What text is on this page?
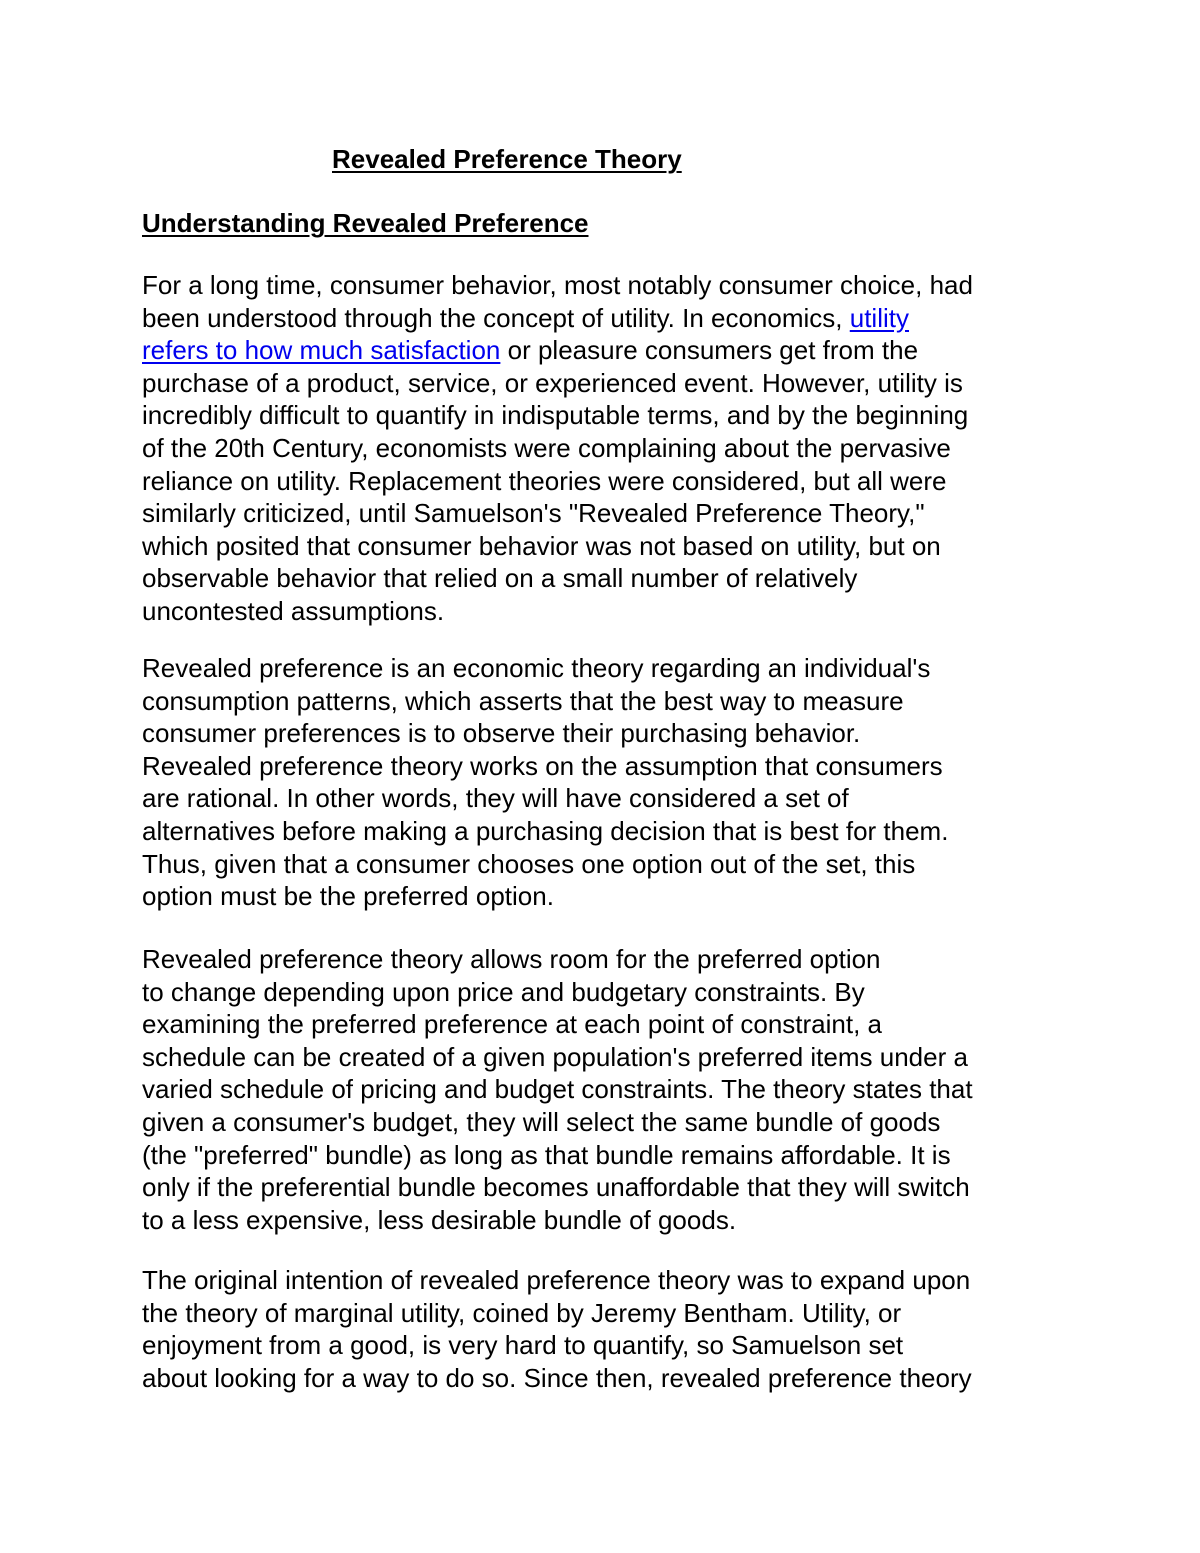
Revealed Preference Theory
Understanding Revealed Preference
For a long time, consumer behavior, most notably consumer choice, had
been understood through the concept of utility. In economics, utility
refers to how much satisfaction or pleasure consumers get from the
purchase of a product, service, or experienced event. However, utility is
incredibly difficult to quantify in indisputable terms, and by the beginning
of the 20th Century, economists were complaining about the pervasive
reliance on utility. Replacement theories were considered, but all were
similarly criticized, until Samuelson's "Revealed Preference Theory,"
which posited that consumer behavior was not based on utility, but on
observable behavior that relied on a small number of relatively
uncontested assumptions.
Revealed preference is an economic theory regarding an individual's
consumption patterns, which asserts that the best way to measure
consumer preferences is to observe their purchasing behavior.
Revealed preference theory works on the assumption that consumers
are rational. In other words, they will have considered a set of
alternatives before making a purchasing decision that is best for them.
Thus, given that a consumer chooses one option out of the set, this
option must be the preferred option.
Revealed preference theory allows room for the preferred option
to change depending upon price and budgetary constraints. By
examining the preferred preference at each point of constraint, a
schedule can be created of a given population's preferred items under a
varied schedule of pricing and budget constraints. The theory states that
given a consumer's budget, they will select the same bundle of goods
(the "preferred" bundle) as long as that bundle remains affordable. It is
only if the preferential bundle becomes unaffordable that they will switch
to a less expensive, less desirable bundle of goods.
The original intention of revealed preference theory was to expand upon
the theory of marginal utility, coined by Jeremy Bentham. Utility, or
enjoyment from a good, is very hard to quantify, so Samuelson set
about looking for a way to do so. Since then, revealed preference theory
